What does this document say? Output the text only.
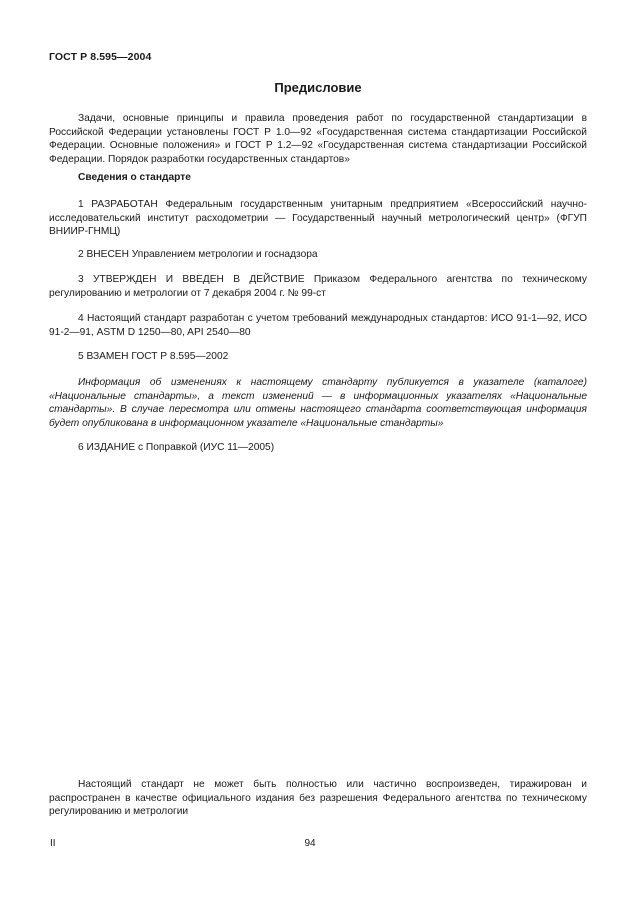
ГОСТ Р 8.595—2004
Предисловие

Задачи, основные принципы и правила проведения работ по государственной стандартизации в Российской Федерации установлены ГОСТ Р 1.0—92 «Государственная система стандартизации Российской Федерации. Основные положения» и ГОСТ Р 1.2—92 «Государственная система стандартизации Российской Федерации. Порядок разработки государственных стандартов»

Сведения о стандарте

1 РАЗРАБОТАН Федеральным государственным унитарным предприятием «Всероссийский научно-исследовательский институт расходометрии — Государственный научный метрологический центр» (ФГУП ВНИИР-ГНМЦ)

2 ВНЕСЕН Управлением метрологии и госнадзора

3 УТВЕРЖДЕН И ВВЕДЕН В ДЕЙСТВИЕ Приказом Федерального агентства по техническому регулированию и метрологии от 7 декабря 2004 г. № 99-ст

4 Настоящий стандарт разработан с учетом требований международных стандартов: ИСО 91-1—92, ИСО 91-2—91, ASTM D 1250—80, API 2540—80

5 ВЗАМЕН ГОСТ Р 8.595—2002

Информация об изменениях к настоящему стандарту публикуется в указателе (каталоге) «Национальные стандарты», а текст изменений — в информационных указателях «Национальные стандарты». В случае пересмотра или отмены настоящего стандарта соответствующая информация будет опубликована в информационном указателе «Национальные стандарты»

6 ИЗДАНИЕ с Поправкой (ИУС 11—2005)

Настоящий стандарт не может быть полностью или частично воспроизведен, тиражирован и распространен в качестве официального издания без разрешения Федерального агентства по техническому регулированию и метрологии

II	94
